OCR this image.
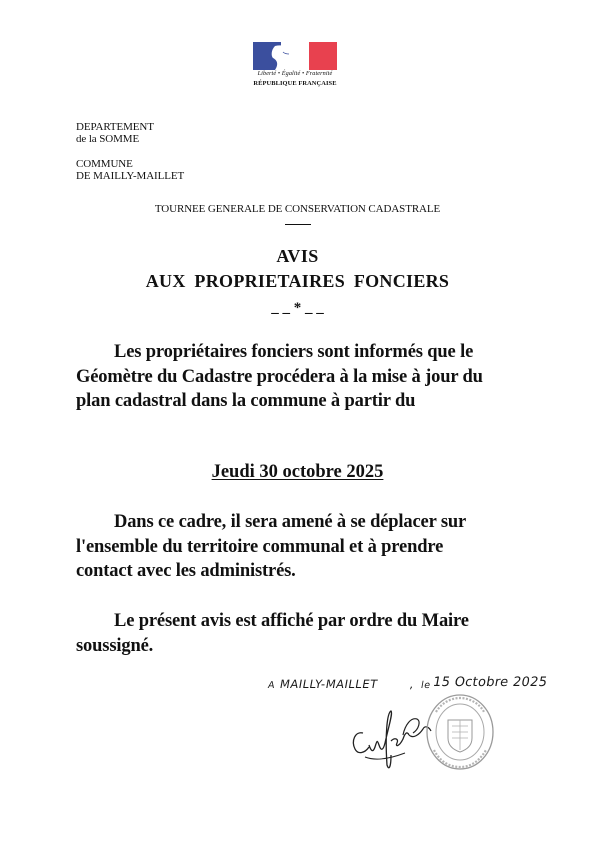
Liberté • Égalité • Fraternité
RÉPUBLIQUE FRANÇAISE
DEPARTEMENT
de la SOMME
COMMUNE
DE MAILLY-MAILLET
TOURNEE GENERALE DE CONSERVATION CADASTRALE
AVIS
AUX PROPRIETAIRES FONCIERS
_ _ * _ _
Les propriétaires fonciers sont informés que le Géomètre du Cadastre procédera à la mise à jour du plan cadastral dans la commune à partir du
Jeudi 30 octobre 2025
Dans ce cadre, il sera amené à se déplacer sur l'ensemble du territoire communal et à prendre contact avec les administrés.
Le présent avis est affiché par ordre du Maire soussigné.
A MAILLY-MAILLET	, le 15 Octobre 2025
